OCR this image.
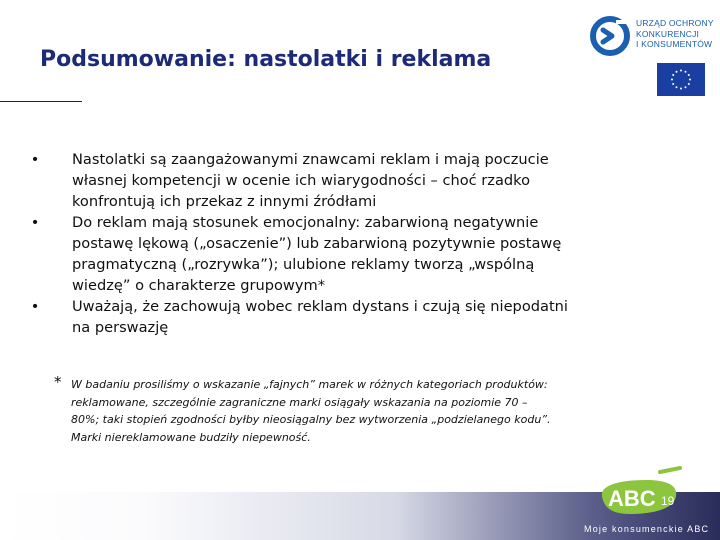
Podsumowanie: nastolatki i reklama
URZĄD OCHRONY
KONKURENCJI
I KONSUMENTÓW
• Nastolatki są zaangażowanymi znawcami reklam i mają poczucie
własnej kompetencji w ocenie ich wiarygodności – choć rzadko
konfrontują ich przekaz z innymi źródłami
• Do reklam mają stosunek emocjonalny: zabarwioną negatywnie
postawę lękową („osaczenie”) lub zabarwioną pozytywnie postawę
pragmatyczną („rozrywka”); ulubione reklamy tworzą „wspólną
wiedzę” o charakterze grupowym*
• Uważają, że zachowują wobec reklam dystans i czują się niepodatni
na perswazję
* W badaniu prosiliśmy o wskazanie „fajnych” marek w różnych kategoriach produktów:
reklamowane, szczególnie zagraniczne marki osiągały wskazania na poziomie 70 –
80%; taki stopień zgodności byłby nieosiągalny bez wytworzenia „podzielanego kodu”.
Marki niereklamowane budziły niepewność.
ABC 19
Moje konsumenckie ABC
